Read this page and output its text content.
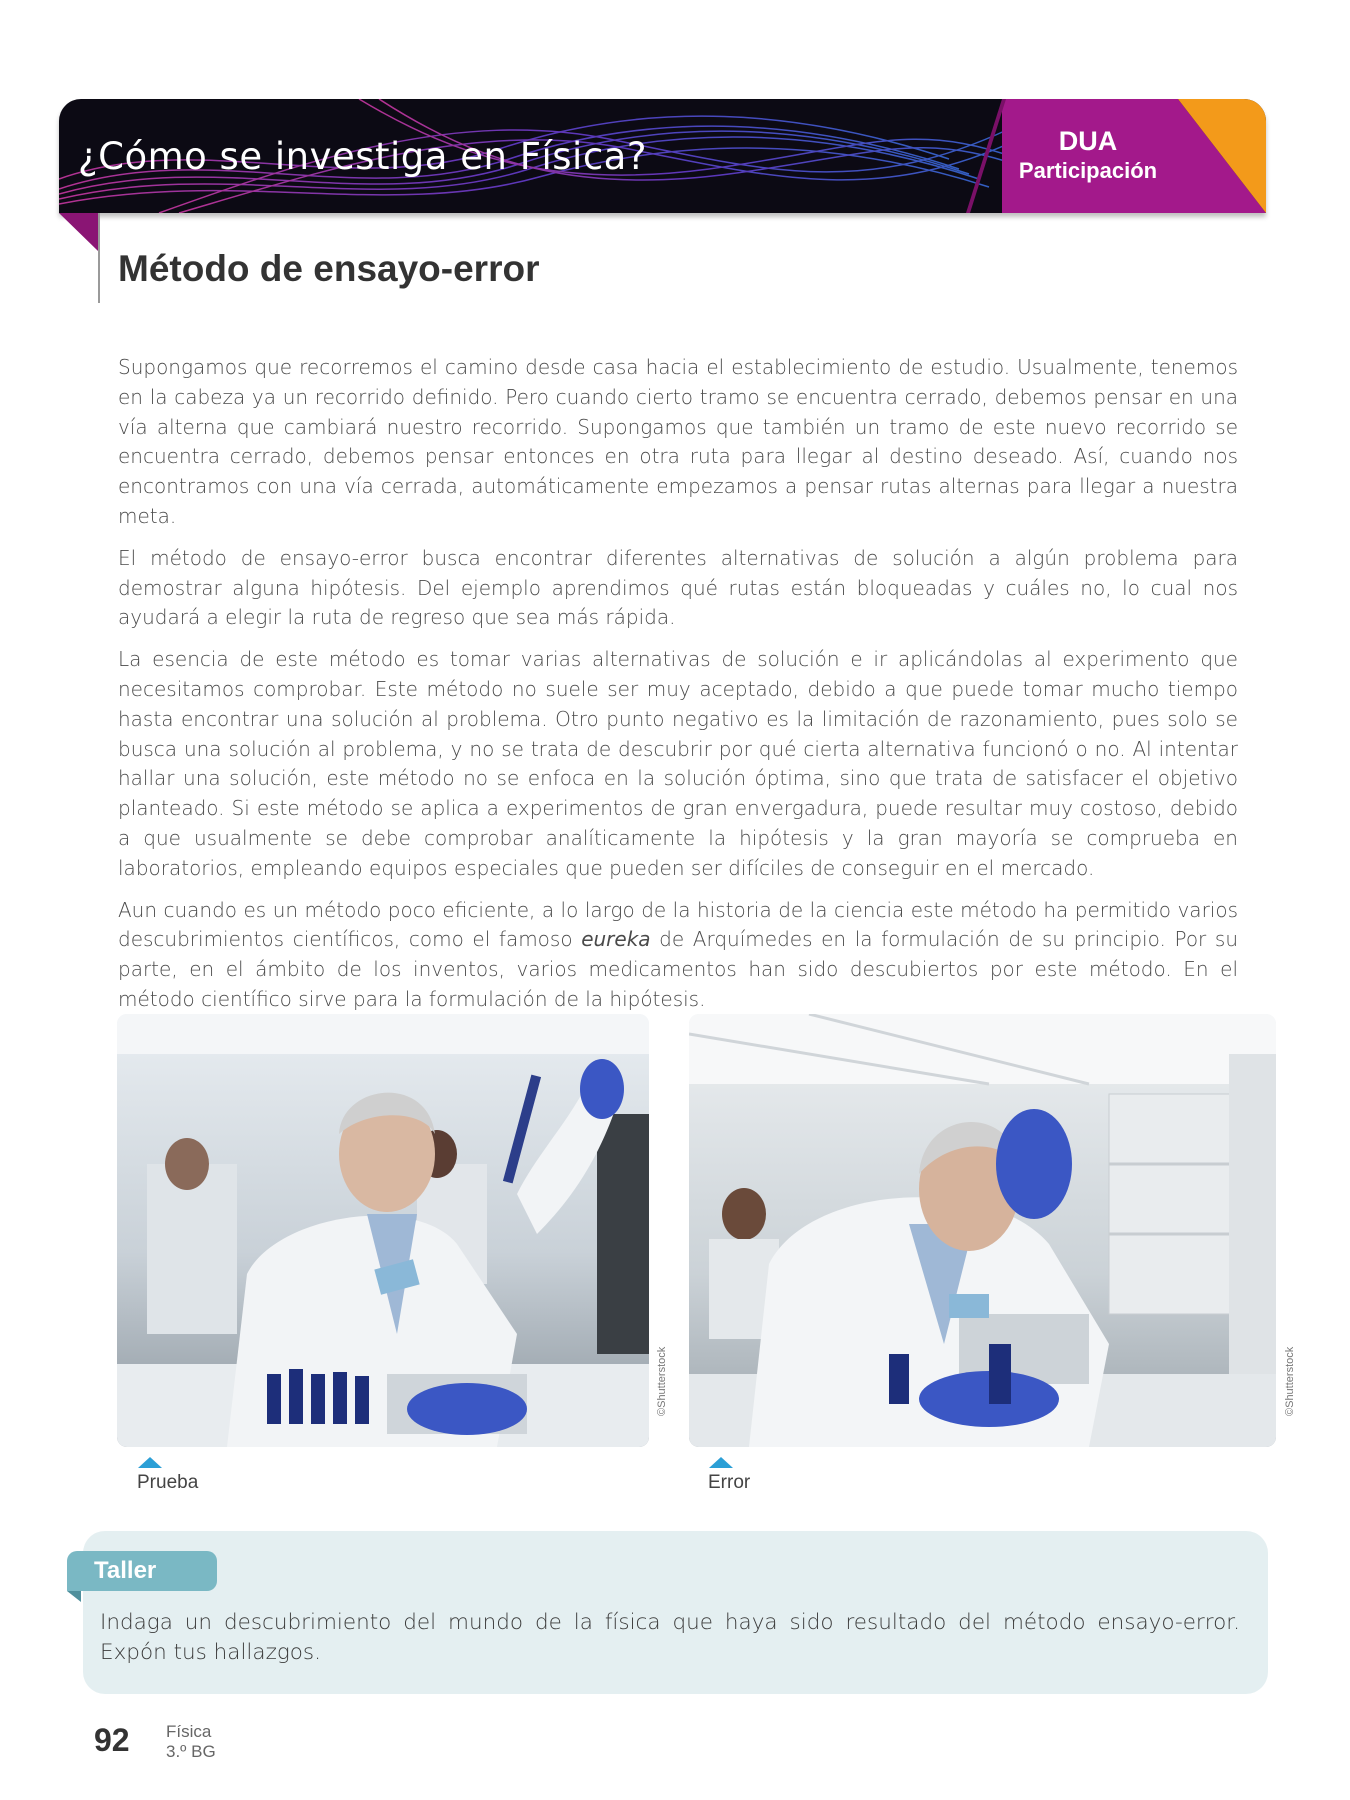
¿Cómo se investiga en Física?	DUA
Participación
Método de ensayo-error

Supongamos que recorremos el camino desde casa hacia el establecimiento de estudio. Usualmente, tenemos en la cabeza ya un recorrido definido. Pero cuando cierto tramo se encuentra cerrado, debemos pensar en una vía alterna que cambiará nuestro recorrido. Supongamos que también un tramo de este nuevo recorrido se encuentra cerrado, debemos pensar entonces en otra ruta para llegar al destino deseado. Así, cuando nos encontramos con una vía cerrada, automáticamente empezamos a pensar rutas alternas para llegar a nuestra meta.

El método de ensayo-error busca encontrar diferentes alternativas de solución a algún problema para demostrar alguna hipótesis. Del ejemplo aprendimos qué rutas están bloqueadas y cuáles no, lo cual nos ayudará a elegir la ruta de regreso que sea más rápida.

La esencia de este método es tomar varias alternativas de solución e ir aplicándolas al experimento que necesitamos comprobar. Este método no suele ser muy aceptado, debido a que puede tomar mucho tiempo hasta encontrar una solución al problema. Otro punto negativo es la limitación de razonamiento, pues solo se busca una solución al problema, y no se trata de descubrir por qué cierta alternativa funcionó o no. Al intentar hallar una solución, este método no se enfoca en la solución óptima, sino que trata de satisfacer el objetivo planteado. Si este método se aplica a experimentos de gran envergadura, puede resultar muy costoso, debido a que usualmente se debe comprobar analíticamente la hipótesis y la gran mayoría se comprueba en laboratorios, empleando equipos especiales que pueden ser difíciles de conseguir en el mercado.

Aun cuando es un método poco eficiente, a lo largo de la historia de la ciencia este método ha permitido varios descubrimientos científicos, como el famoso eureka de Arquímedes en la formulación de su principio. Por su parte, en el ámbito de los inventos, varios medicamentos han sido descubiertos por este método. En el método científico sirve para la formulación de la hipótesis.

©Shutterstock
Prueba
©Shutterstock
Error
Taller
Indaga un descubrimiento del mundo de la física que haya sido resultado del método ensayo-error. Expón tus hallazgos.
92 Física
3.º BG
